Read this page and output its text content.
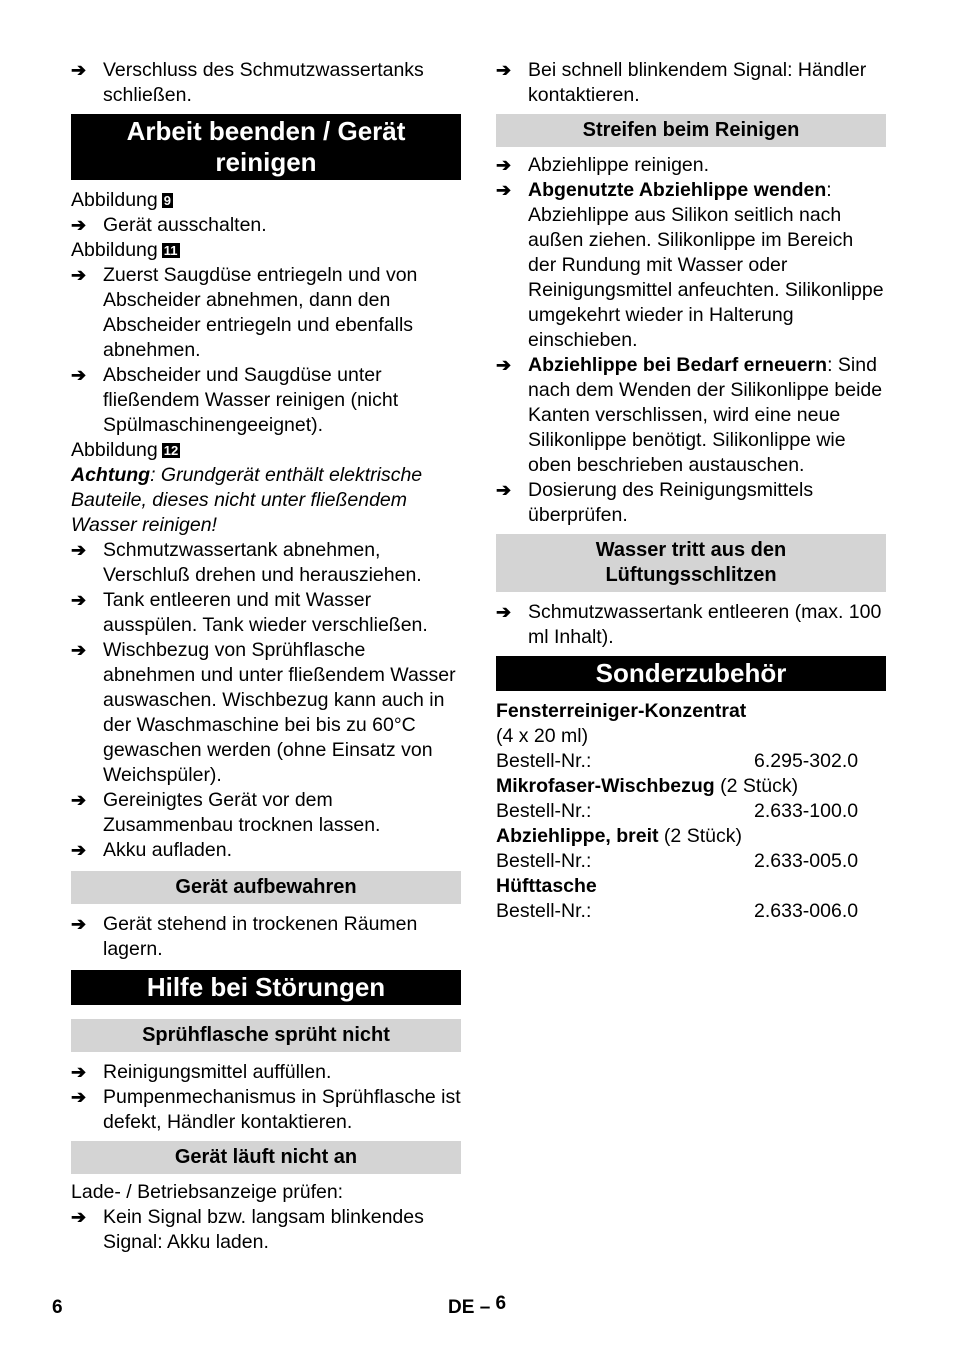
➔ Verschluss des Schmutzwassertanks schließen.
Arbeit beenden / Gerät
reinigen
Abbildung 9
➔ Gerät ausschalten.
Abbildung 11
➔ Zuerst Saugdüse entriegeln und von Abscheider abnehmen, dann den Abscheider entriegeln und ebenfalls abnehmen.
➔ Abscheider und Saugdüse unter fließendem Wasser reinigen (nicht Spülmaschinengeeignet).
Abbildung 12
Achtung: Grundgerät enthält elektrische Bauteile, dieses nicht unter fließendem Wasser reinigen!
➔ Schmutzwassertank abnehmen, Verschluß drehen und herausziehen.
➔ Tank entleeren und mit Wasser ausspülen. Tank wieder verschließen.
➔ Wischbezug von Sprühflasche abnehmen und unter fließendem Wasser auswaschen. Wischbezug kann auch in der Waschmaschine bei bis zu 60°C gewaschen werden (ohne Einsatz von Weichspüler).
➔ Gereinigtes Gerät vor dem Zusammenbau trocknen lassen.
➔ Akku aufladen.
Gerät aufbewahren
➔ Gerät stehend in trockenen Räumen lagern.
Hilfe bei Störungen
Sprühflasche sprüht nicht
➔ Reinigungsmittel auffüllen.
➔ Pumpenmechanismus in Sprühflasche ist defekt, Händler kontaktieren.
Gerät läuft nicht an
Lade- / Betriebsanzeige prüfen:
➔ Kein Signal bzw. langsam blinkendes Signal: Akku laden.
➔ Bei schnell blinkendem Signal: Händler kontaktieren.
Streifen beim Reinigen
➔ Abziehlippe reinigen.
➔ Abgenutzte Abziehlippe wenden: Abziehlippe aus Silikon seitlich nach außen ziehen. Silikonlippe im Bereich der Rundung mit Wasser oder Reinigungsmittel anfeuchten. Silikonlippe umgekehrt wieder in Halterung einschieben.
➔ Abziehlippe bei Bedarf erneuern: Sind nach dem Wenden der Silikonlippe beide Kanten verschlissen, wird eine neue Silikonlippe benötigt. Silikonlippe wie oben beschrieben austauschen.
➔ Dosierung des Reinigungsmittels überprüfen.
Wasser tritt aus den
Lüftungsschlitzen
➔ Schmutzwassertank entleeren (max. 100 ml Inhalt).
Sonderzubehör
Fensterreiniger-Konzentrat
(4 x 20 ml)
Bestell-Nr.:	6.295-302.0
Mikrofaser-Wischbezug (2 Stück)
Bestell-Nr.:	2.633-100.0
Abziehlippe, breit (2 Stück)
Bestell-Nr.:	2.633-005.0
Hüfttasche
Bestell-Nr.:	2.633-006.0
6	DE – 6
